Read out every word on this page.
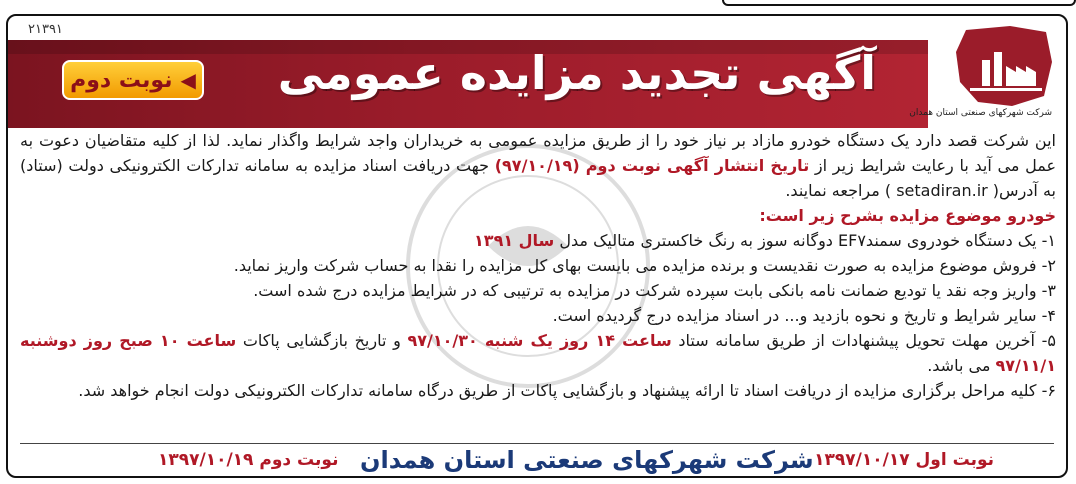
۲۱۳۹۱
آگهی تجدید مزایده عمومی
نوبت دوم ◀
شرکت شهرکهای صنعتی استان همدان

این شرکت قصد دارد یک دستگاه خودرو مازاد بر نیاز خود را از طریق مزایده عمومی به خریداران واجد شرایط واگذار نماید. لذا از کلیه متقاضیان دعوت به عمل می آید با رعایت شرایط زیر از تاریخ انتشار آگهی نوبت دوم (۹۷/۱۰/۱۹) جهت دریافت اسناد مزایده به سامانه تدارکات الکترونیکی دولت (ستاد) به آدرس( setadiran.ir ) مراجعه نمایند.

خودرو موضوع مزایده بشرح زیر است:

۱- یک دستگاه خودروی سمندEF۷ دوگانه سوز به رنگ خاکستری متالیک مدل سال ۱۳۹۱

۲- فروش موضوع مزایده به صورت نقدیست و برنده مزایده می بایست بهای کل مزایده را نقدا به حساب شرکت واریز نماید.

۳- واریز وجه نقد یا تودیع ضمانت نامه بانکی بابت سپرده شرکت در مزایده به ترتیبی که در شرایط مزایده درج شده است.

۴- سایر شرایط و تاریخ و نحوه بازدید و... در اسناد مزایده درج گردیده است.

۵- آخرین مهلت تحویل پیشنهادات از طریق سامانه ستاد ساعت ۱۴ روز یک شنبه ۹۷/۱۰/۳۰ و تاریخ بازگشایی پاکات ساعت ۱۰ صبح روز دوشنبه ۹۷/۱۱/۱ می باشد.

۶- کلیه مراحل برگزاری مزایده از دریافت اسناد تا ارائه پیشنهاد و بازگشایی پاکات از طریق درگاه سامانه تدارکات الکترونیکی دولت انجام خواهد شد.

نوبت اول ۱۳۹۷/۱۰/۱۷
شرکت شهرکهای صنعتی استان همدان
نوبت دوم ۱۳۹۷/۱۰/۱۹
